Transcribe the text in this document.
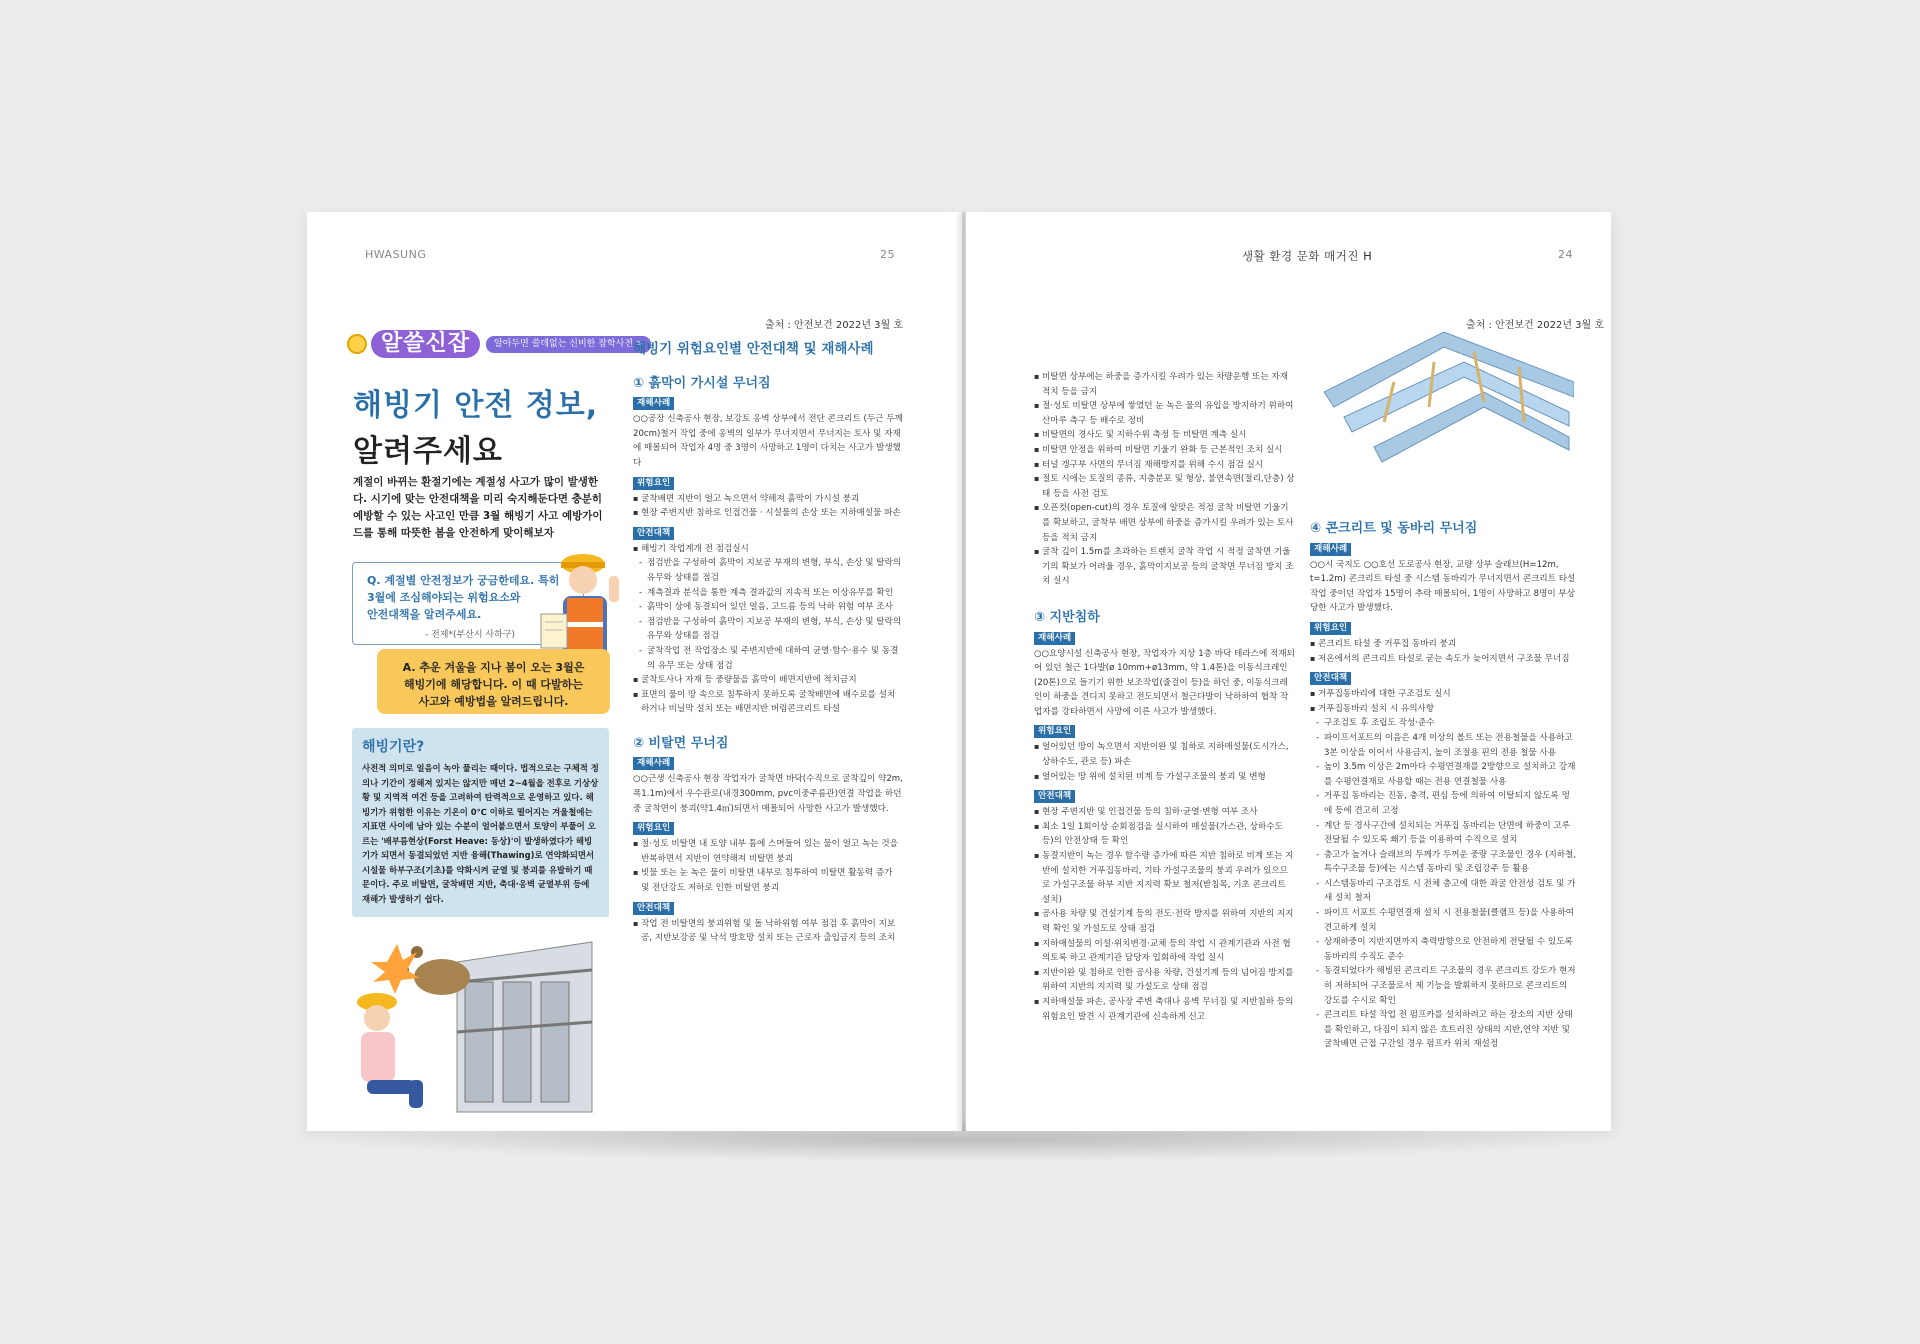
HWASUNG	25
출처 : 안전보건 2022년 3월 호
알쓸신잡	알아두면 쓸데없는 신비한 잡학사전 >
해빙기 안전 정보,
알려주세요
계절이 바뀌는 환절기에는 계절성 사고가 많이 발생한다. 시기에 맞는 안전대책을 미리 숙지해둔다면 충분히 예방할 수 있는 사고인 만큼 3월 해빙기 사고 예방가이드를 통해 따뜻한 봄을 안전하게 맞이해보자
Q. 계절별 안전정보가 궁금한데요. 특히
3월에 조심해야되는 위험요소와
안전대책을 알려주세요.
- 전제*(부산시 사하구)
A. 추운 겨울을 지나 봄이 오는 3월은
해빙기에 해당합니다. 이 때 다발하는
사고와 예방법을 알려드립니다.
해빙기란?
사전적 의미로 얼음이 녹아 풀리는 때이다. 법적으로는 구체적 정의나 기간이 정해져 있지는 않지만 매년 2~4월을 전후로 기상상황 및 지역적 여건 등을 고려하여 탄력적으로 운영하고 있다. 해빙기가 위험한 이유는 기온이 0℃ 이하로 떨어지는 겨울철에는 지표면 사이에 남아 있는 수분이 얼어붙으면서 토양이 부풀어 오르는 '배부름현상(Forst Heave: 동상)'이 발생하였다가 해빙기가 되면서 동결되었던 지반 융해(Thawing)로 연약화되면서 시설물 하부구조(기초)를 약화시켜 균열 및 붕괴를 유발하기 때문이다. 주로 비탈면, 굴착배면 지반, 축대·옹벽 균열부위 등에 재해가 발생하기 쉽다.
해빙기 위험요인별 안전대책 및 재해사례
① 흙막이 가시설 무너짐
재해사례
○○공장 신축공사 현장, 보강토 옹벽 상부에서 전단 콘크리트 (두근 두께 20cm)철거 작업 중에 옹벽의 일부가 무너지면서 무너지는 토사 및 자재에 매몰되어 작업자 4명 중 3명이 사망하고 1명이 다치는 사고가 발생했다
위험요인
▪ 굴착배면 지반이 얼고 녹으면서 약해져 흙막이 가시설 붕괴
▪ 현장 주변지반 침하로 인접건물 · 시설물의 손상 또는 지하매설물 파손
안전대책
▪ 해빙기 작업계개 전 점검실시
- 점검반을 구성하여 흙막이 지보공 부재의 변형, 부식, 손상 및 탈락의 유무와 상태를 점검
- 계측결과 분석을 통한 계측 결과값의 지속적 또는 이상유무를 확인
- 흙막이 상에 동결되어 있던 얼음, 고드름 등의 낙하 위험 여부 조사
- 점검반을 구성하여 흙막이 지보공 부재의 변형, 부식, 손상 및 탈락의 유무와 상태를 점검
- 굴착작업 전 작업장소 및 주변지반에 대하여 균열·함수·용수 및 동결의 유무 또는 상태 점검
▪ 굴착토사나 자재 등 중량물을 흙막이 배면지반에 적치금지
▪ 표면의 물이 땅 속으로 침투하지 못하도록 굴착배면에 배수로를 설치하거나 비닐막 설치 또는 배면지반 버림콘크리트 타설
② 비탈면 무너짐
재해사례
○○근생 신축공사 현장 작업자가 굴착면 바닥(수직으로 굴착깊이 약2m,폭1.1m)에서 우수관로(내경300mm, pvc이중주름관)연결 작업을 하던 중 굴착면이 붕괴(약1.4㎥)되면서 매몰되어 사망한 사고가 발생했다.
위험요인
▪ 절·성토 비탈면 내 토양 내부 틈에 스며들어 있는 물이 얼고 녹는 것을 반복하면서 지반이 연약해져 비탈면 붕괴
▪ 빗물 또는 눈 녹은 물이 비탈면 내부로 침투하여 비탈면 활동력 증가 및 전단강도 저하로 인한 비탈면 붕괴
안전대책
▪ 작업 전 비탈면의 붕괴위험 및 돌 낙하위험 여부 점검 후 흙막이 지보공, 지반보강공 및 낙석 방호망 설치 또는 근로자 출입금지 등의 조치
생활 환경 문화 매거진 H	24
출처 : 안전보건 2022년 3월 호
▪ 비탈면 상부에는 하중을 증가시킬 우려가 있는 차량운행 또는 자재 적치 등을 금지
▪ 절·성토 비탈면 상부에 쌓였던 눈 녹은 물의 유입을 방지하기 위하여 산마루 측구 등 배수로 정비
▪ 비탈면의 경사도 및 지하수위 측정 등 비탈면 계측 실시
▪ 비탈면 안정을 위하여 비탈면 기울기 완화 등 근본적인 조치 실시
▪ 터널 갱구부 사면의 무너짐 재해방지를 위해 수시 점검 실시
▪ 절토 시에는 토질의 종류, 지층분포 및 형상, 불연속면(절리,단층) 상태 등을 사전 검토
▪ 오픈컷(open-cut)의 경우 토질에 알맞은 적정 굴착 비탈면 기울기를 확보하고, 굴착부 배면 상부에 하중을 증가시킬 우려가 있는 토사 등을 적치 금지
▪ 굴착 깊이 1.5m를 초과하는 트렌치 굴착 작업 시 적정 굴착면 기울기의 확보가 어려울 경우, 흙막이지보공 등의 굴착면 무너짐 방지 조치 실시
③ 지반침하
재해사례
○○요양시설 신축공사 현장, 작업자가 지상 1층 바닥 테라스에 적재되어 있던 철근 1다발(ø 10mm+ø13mm, 약 1.4톤)을 이동식크레인(20톤)으로 들기기 위한 보조작업(줄걸이 등)을 하던 중, 이동식크레인이 하중을 견디지 못하고 전도되면서 철근다발이 낙하하여 협착 작업자를 강타하면서 사망에 이른 사고가 발생했다.
위험요인
▪ 얼어있던 땅이 녹으면서 지반이완 및 침하로 지하매설물(도시가스, 상하수도, 관로 등) 파손
▪ 얼어있는 땅 위에 설치된 비계 등 가설구조물의 붕괴 및 변형
안전대책
▪ 현장 주변지반 및 인접건물 등의 침하·균열·변형 여부 조사
▪ 최소 1일 1회이상 순회점검을 실시하여 매설물(가스관, 상하수도 등)의 안전상태 등 확인
▪ 동결지반이 녹는 경우 함수량 증가에 따른 지반 침하로 비계 또는 지반에 설치한 거푸집동바리, 기타 가설구조물의 붕괴 우려가 있으므로 가설구조물 하부 지반 지지력 확보 철저(받침목, 기초 콘크리트 설치)
▪ 공사용 차량 및 건설기계 등의 전도·전락 방지를 위하여 지반의 지지력 확인 및 가설도로 상태 점검
▪ 지하매설물의 이설·위치변경·교체 등의 작업 시 관계기관과 사전 협의토록 하고 관계기관 담당자 입회하에 작업 실시
▪ 지반이완 및 침하로 인한 공사용 차량, 건설기계 등의 넘어짐 방지를 위하여 지반의 지지력 및 가설도로 상태 점검
▪ 지하매설물 파손, 공사장 주변 축대나 옹벽 무너짐 및 지반침하 등의 위험요인 발견 시 관계기관에 신속하게 신고
④ 콘크리트 및 동바리 무너짐
재해사례
○○시 국지도 ○○호선 도로공사 현장, 교량 상부 슬래브(H=12m, t=1.2m) 콘크리트 타설 중 시스템 동바리가 무너지면서 콘크리트 타설작업 중이던 작업자 15명이 추락 매몰되어, 1명이 사망하고 8명이 부상당한 사고가 발생했다.
위험요인
▪ 콘크리트 타설 중 거푸집 동바리 붕괴
▪ 저온에서의 콘크리트 타설로 굳는 속도가 늦어지면서 구조물 무너짐
안전대책
▪ 거푸집동바리에 대한 구조검토 실시
▪ 거푸집동바리 설치 시 유의사항
- 구조검토 후 조립도 작성·준수
- 파이프서포트의 이음은 4개 이상의 볼트 또는 전용철물을 사용하고 3본 이상을 이어서 사용금지, 높이 조절용 핀의 전용 철물 사용
- 높이 3.5m 이상은 2m마다 수평연결재를 2방향으로 설치하고 강재를 수평연결재로 사용할 때는 전용 연결철물 사용
- 거푸집 동바리는 진동, 충격, 편심 등에 의하여 이탈되지 않도록 멍에 등에 견고히 고정
- 계단 등 경사구간에 설치되는 거푸집 동바리는 단면에 하중이 고루 전달될 수 있도록 쐐기 등을 이용하여 수직으로 설치
- 층고가 높거나 슬래브의 두께가 두꺼운 중량 구조물인 경우 (지하철, 특수구조물 등)에는 시스템 동바리 및 조립강주 등 활용
- 시스템동바리 구조검토 시 전체 층고에 대한 좌굴 안전성 검토 및 가새 설치 철저
- 파이프 서포트 수평연결재 설치 시 전용철물(클램프 등)을 사용하여 견고하게 설치
- 상재하중이 지반지면까지 축력방향으로 안전하게 전달될 수 있도록 동바리의 수직도 준수
- 동결되었다가 해빙된 콘크리트 구조물의 경우 콘크리트 강도가 현저히 저하되어 구조물로서 제 기능을 발휘하지 못하므로 콘크리트의 강도를 수시로 확인
- 콘크리트 타설 작업 전 펌프카를 설치하려고 하는 장소의 지반 상태를 확인하고, 다짐이 되지 않은 흐트러진 상태의 지반,연약 지반 및 굴착배면 근접 구간일 경우 펌프카 위치 재설정
